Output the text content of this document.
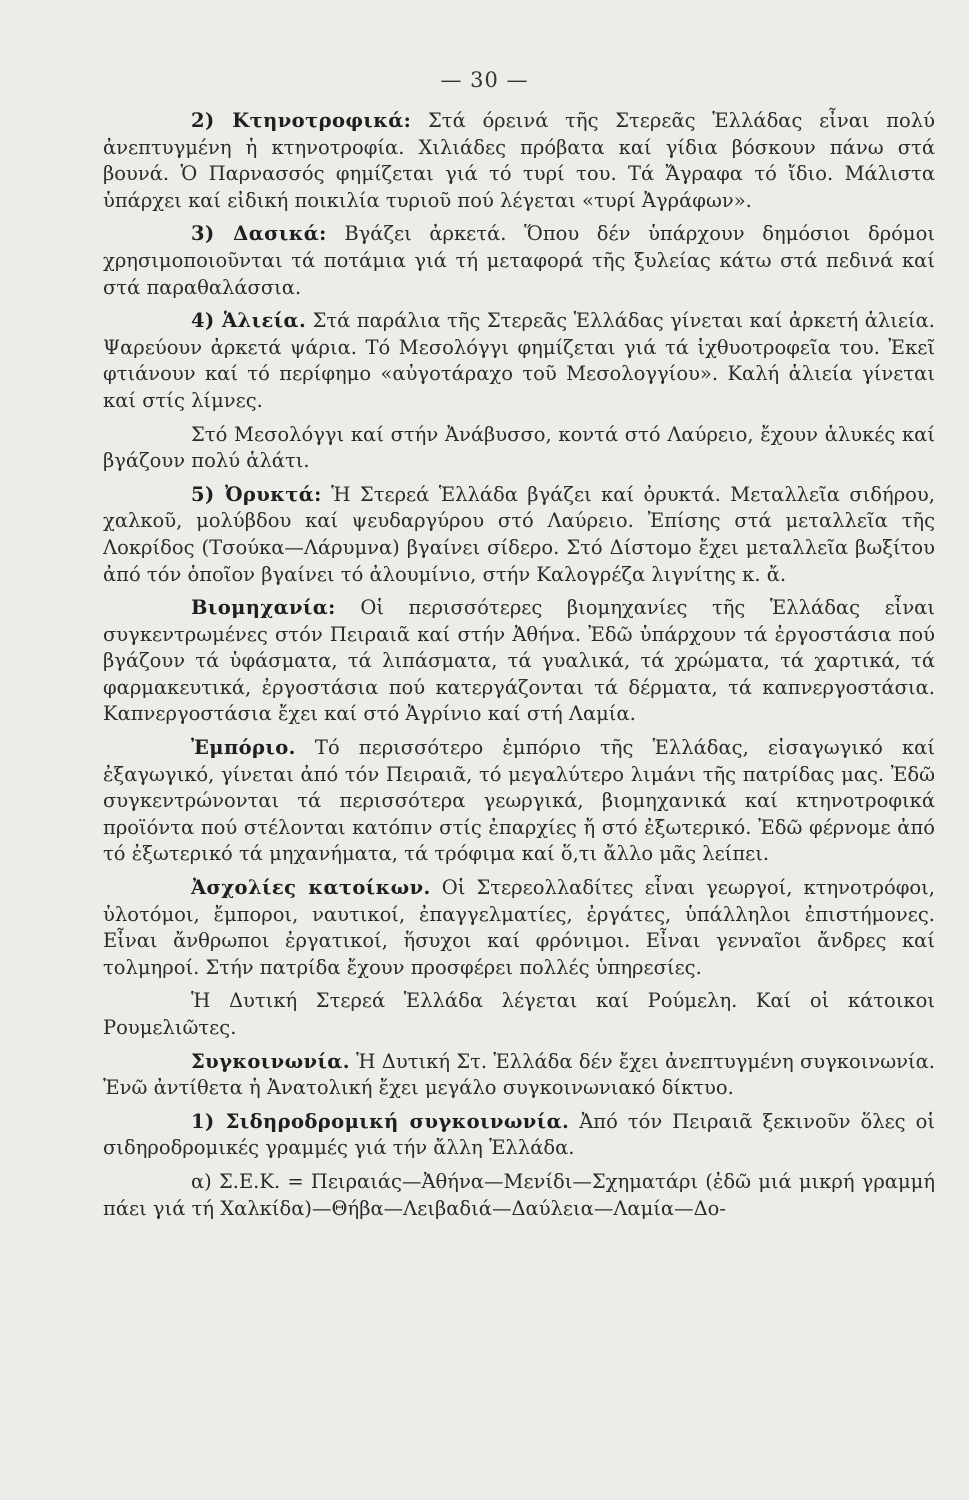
— 30 —

2) Κτηνοτροφικά: Στά όρεινά τῆς Στερεᾶς Ἑλλάδας εἶναι πολύ ἀνεπτυγμένη ἡ κτηνοτροφία. Χιλιάδες πρόβατα καί γίδια βόσκουν πάνω στά βουνά. Ὁ Παρνασσός φημίζεται γιά τό τυρί του. Τά Ἄγραφα τό ἴδιο. Μάλιστα ὑπάρχει καί εἰδική ποικιλία τυριοῦ πού λέγεται «τυρί Ἀγράφων».

3) Δασικά: Βγάζει ἀρκετά. Ὅπου δέν ὑπάρχουν δημόσιοι δρόμοι χρησιμοποιοῦνται τά ποτάμια γιά τή μεταφορά τῆς ξυλείας κάτω στά πεδινά καί στά παραθαλάσσια.

4) Ἁλιεία. Στά παράλια τῆς Στερεᾶς Ἑλλάδας γίνεται καί ἀρκετή ἁλιεία. Ψαρεύουν ἀρκετά ψάρια. Τό Μεσολόγγι φημίζεται γιά τά ἰχθυοτροφεῖα του. Ἐκεῖ φτιάνουν καί τό περίφημο «αὐγοτάραχο τοῦ Μεσολογγίου». Καλή ἁλιεία γίνεται καί στίς λίμνες.

Στό Μεσολόγγι καί στήν Ἀνάβυσσο, κοντά στό Λαύρειο, ἔχουν ἁλυκές καί βγάζουν πολύ ἁλάτι.

5) Ὀρυκτά: Ἡ Στερεά Ἑλλάδα βγάζει καί ὀρυκτά. Μεταλλεῖα σιδήρου, χαλκοῦ, μολύβδου καί ψευδαργύρου στό Λαύρειο. Ἐπίσης στά μεταλλεῖα τῆς Λοκρίδος (Τσούκα—Λάρυμνα) βγαίνει σίδερο. Στό Δίστομο ἔχει μεταλλεῖα βωξίτου ἀπό τόν ὁποῖον βγαίνει τό ἀλουμίνιο, στήν Καλογρέζα λιγνίτης κ. ἄ.

Βιομηχανία: Οἱ περισσότερες βιομηχανίες τῆς Ἑλλάδας εἶναι συγκεντρωμένες στόν Πειραιᾶ καί στήν Ἀθήνα. Ἐδῶ ὑπάρχουν τά ἐργοστάσια πού βγάζουν τά ὑφάσματα, τά λιπάσματα, τά γυαλικά, τά χρώματα, τά χαρτικά, τά φαρμακευτικά, ἐργοστάσια πού κατεργάζονται τά δέρματα, τά καπνεργοστάσια. Καπνεργοστάσια ἔχει καί στό Ἀγρίνιο καί στή Λαμία.

Ἐμπόριο. Τό περισσότερο ἐμπόριο τῆς Ἑλλάδας, εἰσαγωγικό καί ἐξαγωγικό, γίνεται ἀπό τόν Πειραιᾶ, τό μεγαλύτερο λιμάνι τῆς πατρίδας μας. Ἐδῶ συγκεντρώνονται τά περισσότερα γεωργικά, βιομηχανικά καί κτηνοτροφικά προϊόντα πού στέλονται κατόπιν στίς ἐπαρχίες ἤ στό ἐξωτερικό. Ἐδῶ φέρνομε ἀπό τό ἐξωτερικό τά μηχανήματα, τά τρόφιμα καί ὅ,τι ἄλλο μᾶς λείπει.

Ἀσχολίες κατοίκων. Οἱ Στερεολλαδίτες εἶναι γεωργοί, κτηνοτρόφοι, ὑλοτόμοι, ἔμποροι, ναυτικοί, ἐπαγγελματίες, ἐργάτες, ὑπάλληλοι ἐπιστήμονες. Εἶναι ἄνθρωποι ἐργατικοί, ἥσυχοι καί φρόνιμοι. Εἶναι γενναῖοι ἄνδρες καί τολμηροί. Στήν πατρίδα ἔχουν προσφέρει πολλές ὑπηρεσίες.

Ἡ Δυτική Στερεά Ἑλλάδα λέγεται καί Ρούμελη. Καί οἱ κάτοικοι Ρουμελιῶτες.

Συγκοινωνία. Ἡ Δυτική Στ. Ἑλλάδα δέν ἔχει ἀνεπτυγμένη συγκοινωνία. Ἐνῶ ἀντίθετα ἡ Ἀνατολική ἔχει μεγάλο συγκοινωνιακό δίκτυο.

1) Σιδηροδρομική συγκοινωνία. Ἀπό τόν Πειραιᾶ ξεκινοῦν ὅλες οἱ σιδηροδρομικές γραμμές γιά τήν ἄλλη Ἑλλάδα.

α) Σ.Ε.Κ. = Πειραιάς—Ἀθήνα—Μενίδι—Σχηματάρι (ἐδῶ μιά μικρή γραμμή πάει γιά τή Χαλκίδα)—Θήβα—Λειβαδιά—Δαύλεια—Λαμία—Δο-
